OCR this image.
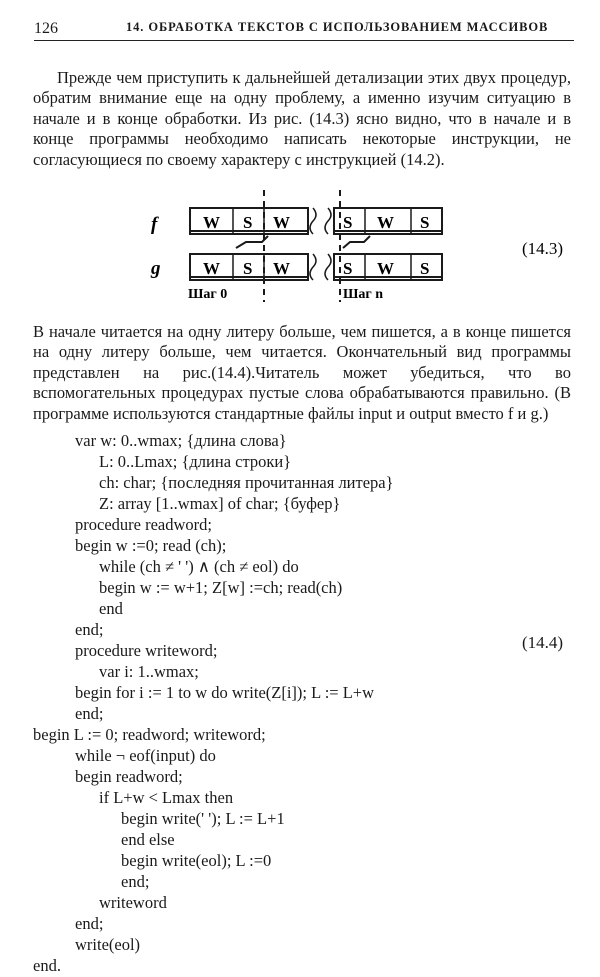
126	14. ОБРАБОТКА ТЕКСТОВ С ИСПОЛЬЗОВАНИЕМ МАССИВОВ

Прежде чем приступить к дальнейшей детализации этих двух процедур, обратим внимание еще на одну проблему, а именно изучим ситуацию в начале и в конце обработки. Из рис. (14.3) ясно видно, что в начале и в конце программы необходимо написать некоторые инструкции, не согласующиеся по своему характеру с инструкцией (14.2).

f
g
W S W	S W S
W S W	S W S
Шаг 0	Шаг n
(14.3)

В начале читается на одну литеру больше, чем пишется, а в конце пишется на одну литеру больше, чем читается. Окончательный вид программы представлен на рис.(14.4).Читатель может убедиться, что во вспомогательных процедурах пустые слова обрабатываются правильно. (В программе используются стандартные файлы input и output вместо f и g.)

var w: 0..wmax; {длина слова}
L: 0..Lmax; {длина строки}
ch: char; {последняя прочитанная литера}
Z: array [1..wmax] of char; {буфер}
procedure readword;
begin w :=0; read (ch);
while (ch ≠ ' ') ∧ (ch ≠ eol) do
begin w := w+1; Z[w] :=ch; read(ch)
end
end;
procedure writeword;
var i: 1..wmax;
begin for i := 1 to w do write(Z[i]); L := L+w
end;
begin L := 0; readword; writeword;
while ¬ eof(input) do
begin readword;
if L+w < Lmax then
begin write(' '); L := L+1
end else
begin write(eol); L :=0
end;
writeword
end;
write(eol)
end.
(14.4)
